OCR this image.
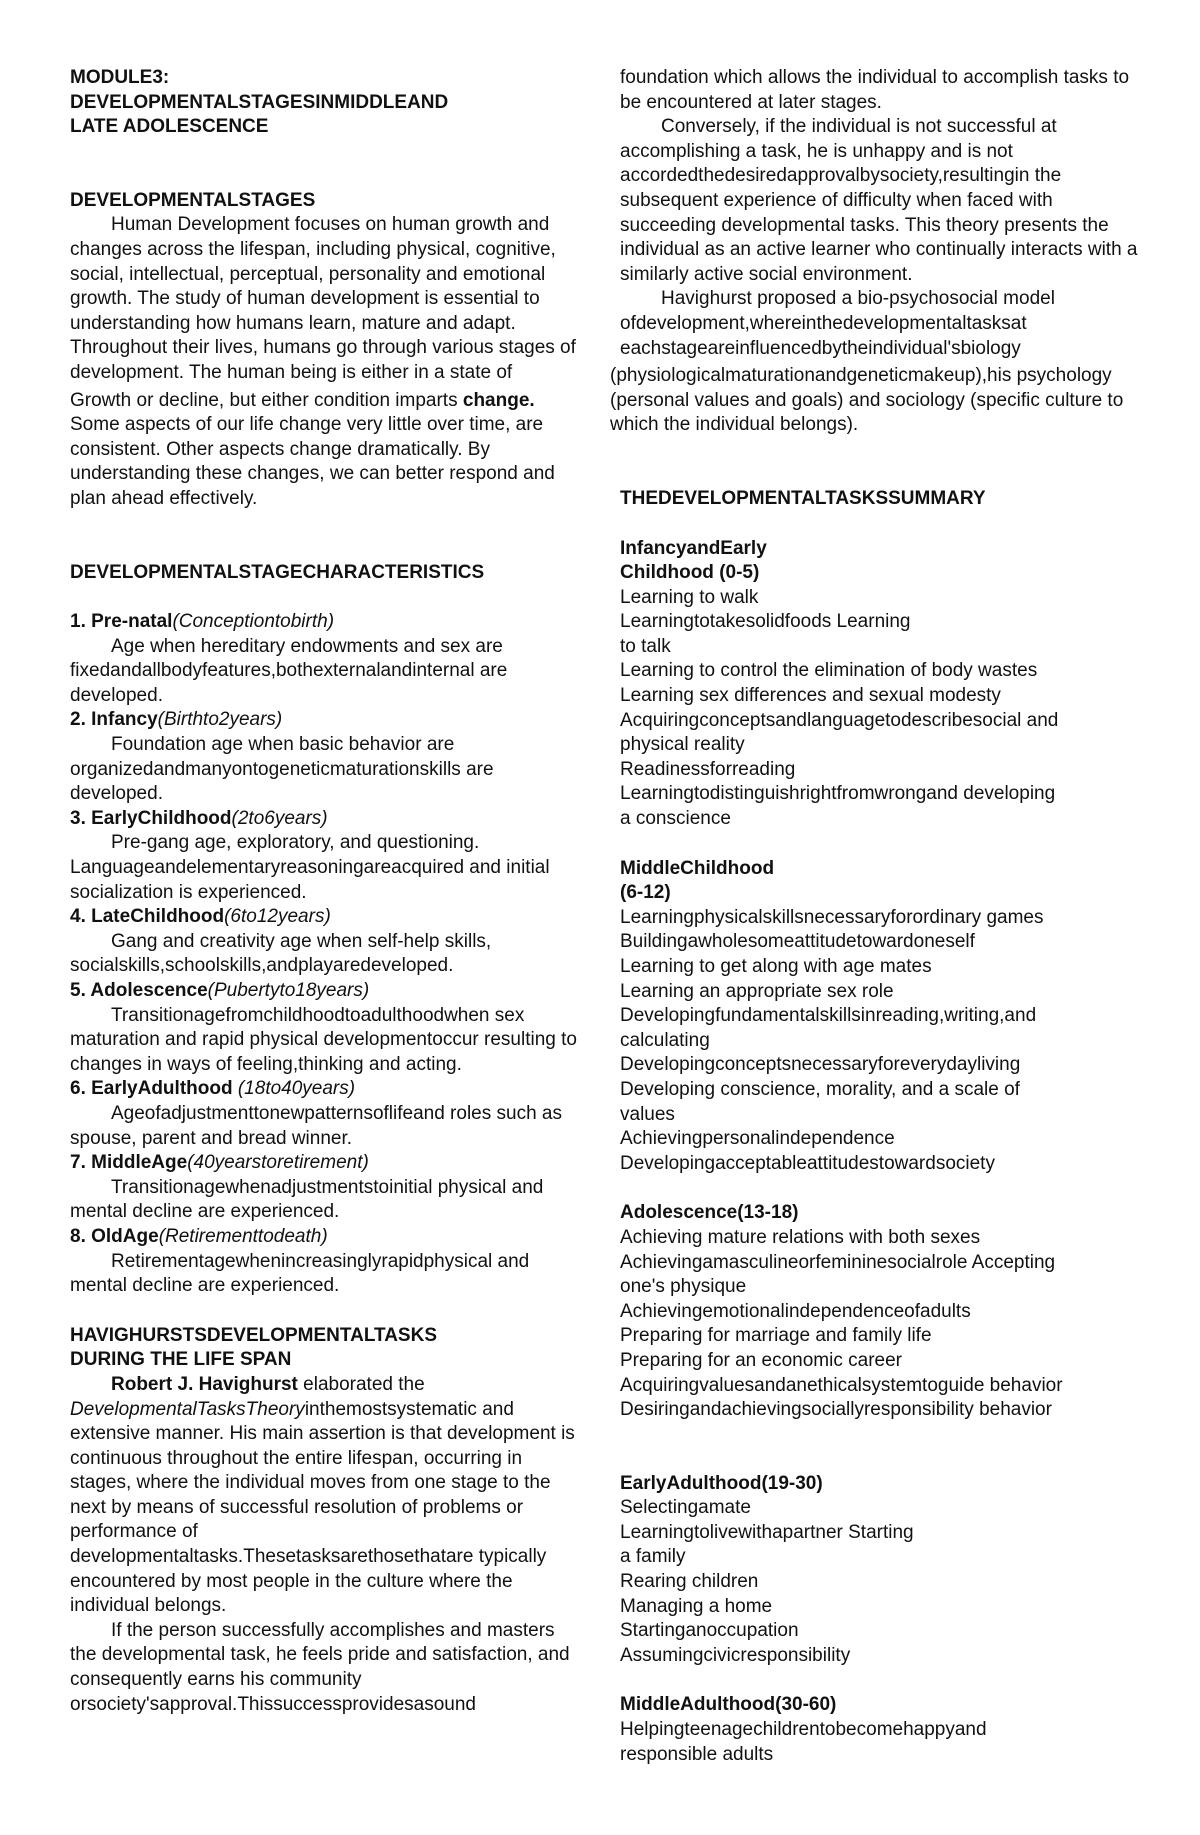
MODULE3:

DEVELOPMENTALSTAGESINMIDDLEAND

LATE ADOLESCENCE

DEVELOPMENTALSTAGES

Human Development focuses on human growth and changes across the lifespan, including physical, cognitive, social, intellectual, perceptual, personality and emotional growth. The study of human development is essential to understanding how humans learn, mature and adapt. Throughout their lives, humans go through various stages of development. The human being is either in a state of

Growth or decline, but either condition imparts change. Some aspects of our life change very little over time, are consistent. Other aspects change dramatically. By understanding these changes, we can better respond and plan ahead effectively.

DEVELOPMENTALSTAGECHARACTERISTICS

1. Pre-natal(Conceptiontobirth)

Age when hereditary endowments and sex are fixedandallbodyfeatures,bothexternalandinternal are developed.

2. Infancy(Birthto2years)

Foundation age when basic behavior are organizedandmanyontogeneticmaturationskills are developed.

3. EarlyChildhood(2to6years)

Pre-gang age, exploratory, and questioning. Languageandelementaryreasoningareacquired and initial socialization is experienced.

4. LateChildhood(6to12years)

Gang and creativity age when self-help skills, socialskills,schoolskills,andplayaredeveloped.

5. Adolescence(Pubertyto18years)

Transitionagefromchildhoodtoadulthoodwhen sex maturation and rapid physical developmentoccur resulting to changes in ways of feeling,thinking and acting.

6. EarlyAdulthood (18to40years)

Ageofadjustmenttonewpatternsoflifeand roles such as spouse, parent and bread winner.

7. MiddleAge(40yearstoretirement)

Transitionagewhenadjustmentstoinitial physical and mental decline are experienced.

8. OldAge(Retirementtodeath)

Retirementagewhenincreasinglyrapidphysical and mental decline are experienced.

HAVIGHURSTSDEVELOPMENTALTASKS

DURING THE LIFE SPAN

Robert J. Havighurst elaborated the DevelopmentalTasksTheoryinthemostsystematic and extensive manner. His main assertion is that development is continuous throughout the entire lifespan, occurring in stages, where the individual moves from one stage to the next by means of successful resolution of problems or performance of developmentaltasks.Thesetasksarethosethatare typically encountered by most people in the culture where the individual belongs.

If the person successfully accomplishes and masters the developmental task, he feels pride and satisfaction, and consequently earns his community orsociety'sapproval.Thissuccessprovidesasound

foundation which allows the individual to accomplish tasks to be encountered at later stages.

Conversely, if the individual is not successful at accomplishing a task, he is unhappy and is not accordedthedesiredapprovalbysociety,resultingin the subsequent experience of difficulty when faced with succeeding developmental tasks. This theory presents the individual as an active learner who continually interacts with a similarly active social environment.

Havighurst proposed a bio-psychosocial model ofdevelopment,whereinthedevelopmentaltasksat eachstageareinfluencedbytheindividual'sbiology

(physiologicalmaturationandgeneticmakeup),his psychology (personal values and goals) and sociology (specific culture to which the individual belongs).

THEDEVELOPMENTALTASKSSUMMARY

InfancyandEarly

Childhood (0-5)

Learning to walk
Learningtotakesolidfoods Learning
to talk
Learning to control the elimination of body wastes
Learning sex differences and sexual modesty
Acquiringconceptsandlanguagetodescribesocial and
physical reality
Readinessforreading
Learningtodistinguishrightfromwrongand developing
a conscience

MiddleChildhood

(6-12)

Learningphysicalskillsnecessaryforordinary games
Buildingawholesomeattitudetowardoneself
Learning to get along with age mates
Learning an appropriate sex role
Developingfundamentalskillsinreading,writing,and
calculating
Developingconceptsnecessaryforeverydayliving
Developing conscience, morality, and a scale of
values
Achievingpersonalindependence
Developingacceptableattitudestowardsociety

Adolescence(13-18)

Achieving mature relations with both sexes
Achievingamasculineorfemininesocialrole Accepting
one's physique
Achievingemotionalindependenceofadults
Preparing for marriage and family life
Preparing for an economic career
Acquiringvaluesandanethicalsystemtoguide behavior
Desiringandachievingsociallyresponsibility behavior

EarlyAdulthood(19-30)

Selectingamate
Learningtolivewithapartner Starting
a family
Rearing children
Managing a home
Startinganoccupation
Assumingcivicresponsibility

MiddleAdulthood(30-60)

Helpingteenagechildrentobecomehappyand
responsible adults
